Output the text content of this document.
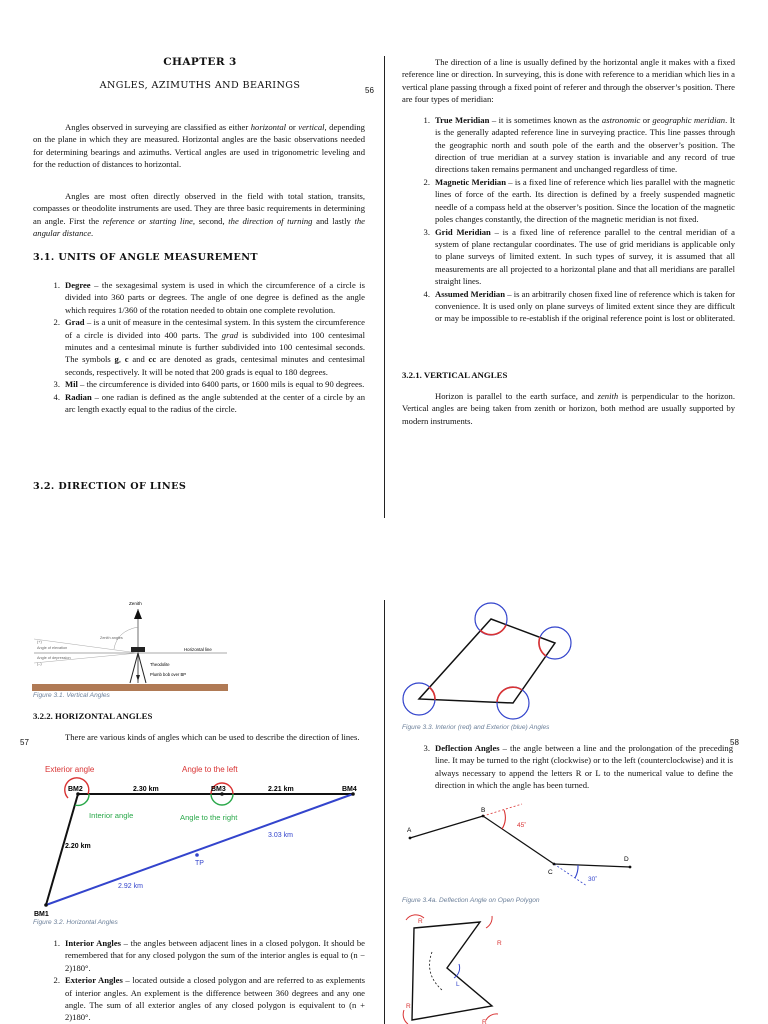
CHAPTER 3
ANGLES, AZIMUTHS AND BEARINGS	56

Angles observed in surveying are classified as either horizontal or vertical, depending on the plane in which they are measured. Horizontal angles are the basic observations needed for determining bearings and azimuths. Vertical angles are used in trigonometric leveling and for the reduction of distances to horizontal.

Angles are most often directly observed in the field with total station, transits, compasses or theodolite instruments are used. They are three basic requirements in determining an angle. First the reference or starting line, second, the direction of turning and lastly the angular distance.

3.1. UNITS OF ANGLE MEASUREMENT
1. Degree – the sexagesimal system is used in which the circumference of a circle is divided into 360 parts or degrees. The angle of one degree is defined as the angle which requires 1/360 of the rotation needed to obtain one complete revolution.
2. Grad – is a unit of measure in the centesimal system. In this system the circumference of a circle is divided into 400 parts. The grad is subdivided into 100 centesimal minutes and a centesimal minute is further subdivided into 100 centesimal seconds. The symbols g, c and cc are denoted as grads, centesimal minutes and centesimal seconds, respectively. It will be noted that 200 grads is equal to 180 degrees.
3. Mil – the circumference is divided into 6400 parts, or 1600 mils is equal to 90 degrees.
4. Radian – one radian is defined as the angle subtended at the center of a circle by an arc length exactly equal to the radius of the circle.
3.2. DIRECTION OF LINES

The direction of a line is usually defined by the horizontal angle it makes with a fixed reference line or direction. In surveying, this is done with reference to a meridian which lies in a vertical plane passing through a fixed point of referer and through the observer’s position. There are four types of meridian:

1. True Meridian – it is sometimes known as the astronomic or geographic meridian. It is the generally adapted reference line in surveying practice. This line passes through the geographic north and south pole of the earth and the observer’s position. The direction of true meridian at a survey station is invariable and any record of true directions taken remains permanent and unchanged regardless of time.
2. Magnetic Meridian – is a fixed line of reference which lies parallel with the magnetic lines of force of the earth. Its direction is defined by a freely suspended magnetic needle of a compass held at the observer’s position. Since the location of the magnetic poles changes constantly, the direction of the magnetic meridian is not fixed.
3. Grid Meridian – is a fixed line of reference parallel to the central meridian of a system of plane rectangular coordinates. The use of grid meridians is applicable only to plane surveys of limited extent. In such types of survey, it is assumed that all measurements are all projected to a horizontal plane and that all meridians are parallel straight lines.
4. Assumed Meridian – is an arbitrarily chosen fixed line of reference which is taken for convenience. It is used only on plane surveys of limited extent since they are difficult or may be impossible to re-establish if the original reference point is lost or obliterated.
3.2.1. VERTICAL ANGLES

Horizon is parallel to the earth surface, and zenith is perpendicular to the horizon. Vertical angles are being taken from zenith or horizon, both method are usually supported by modern instruments.

Zenith
Zenith angles
(+)
Angle of elevation
Angle of depression
(–)
Horizontal line
Theodolite
Plumb bob over BP
Figure 3.1. Vertical Angles
3.2.2. HORIZONTAL ANGLES
57

There are various kinds of angles which can be used to describe the direction of lines.

Exterior angle	Angle to the left
Interior angle	Angle to the right
BM2	BM3	BM4
BM1
TP
2.30 km	2.21 km
2.20 km
3.03 km
2.92 km
Figure 3.2. Horizontal Angles
1. Interior Angles – the angles between adjacent lines in a closed polygon. It should be remembered that for any closed polygon the sum of the interior angles is equal to (n − 2)180°.
2. Exterior Angles – located outside a closed polygon and are referred to as explements of interior angles. An explement is the difference between 360 degrees and any one angle. The sum of all exterior angles of any closed polygon is equivalent to (n + 2)180°.
Figure 3.3. Interior (red) and Exterior (blue) Angles
58
3. Deflection Angles – the angle between a line and the prolongation of the preceding line. It may be turned to the right (clockwise) or to the left (counterclockwise) and it is always necessary to append the letters R or L to the numerical value to define the direction in which the angle has been turned.
A
B
C
D
45˚
30˚
Figure 3.4a. Deflection Angle on Open Polygon
R
R
L
R
R
